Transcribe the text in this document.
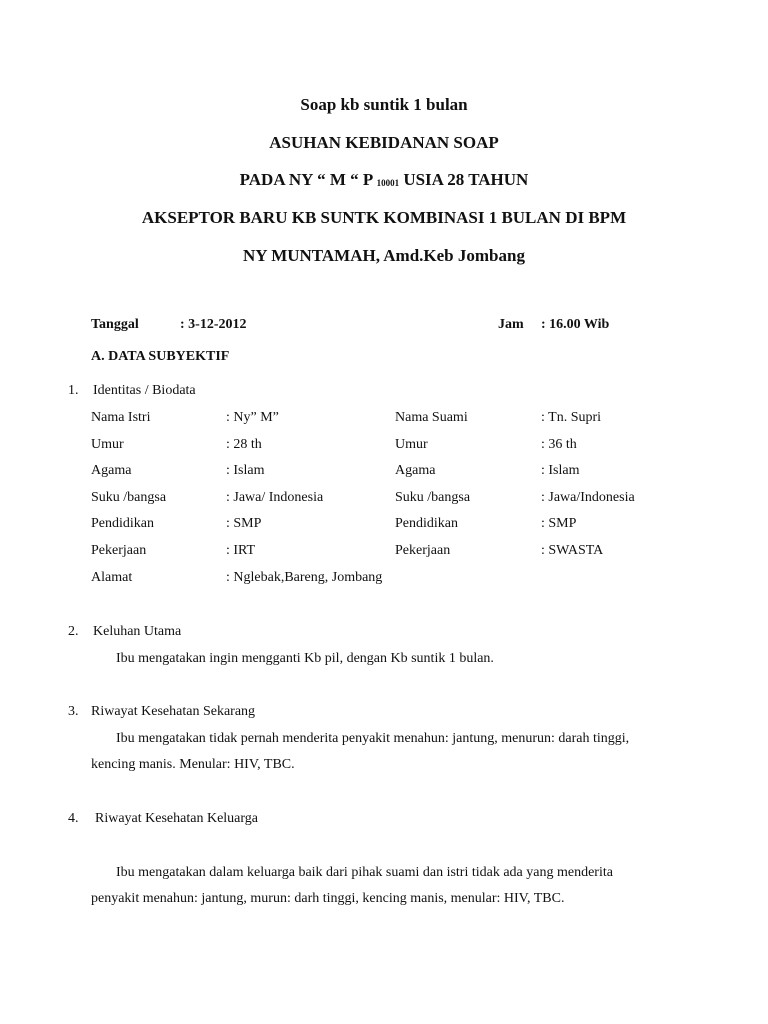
Soap kb suntik 1 bulan
ASUHAN KEBIDANAN SOAP
PADA NY “ M “ P $_{10001}$ USIA 28 TAHUN
AKSEPTOR BARU KB SUNTK KOMBINASI 1 BULAN DI BPM
NY MUNTAMAH, Amd.Keb Jombang
Tanggal	: 3-12-2012	Jam : 16.00 Wib
A. DATA SUBYEKTIF
1. Identitas / Biodata
Nama Istri	: Ny” M”	Nama Suami	: Tn. Supri
Umur	: 28 th	Umur	: 36 th
Agama	: Islam	Agama	: Islam
Suku /bangsa	: Jawa/ Indonesia	Suku /bangsa	: Jawa/Indonesia
Pendidikan	: SMP	Pendidikan	: SMP
Pekerjaan	: IRT	Pekerjaan	: SWASTA
Alamat	: Nglebak,Bareng, Jombang
2. Keluhan Utama
Ibu mengatakan ingin mengganti Kb pil, dengan Kb suntik 1 bulan.
3. Riwayat Kesehatan Sekarang
Ibu mengatakan tidak pernah menderita penyakit menahun: jantung, menurun: darah tinggi,
kencing manis. Menular: HIV, TBC.
4. Riwayat Kesehatan Keluarga
Ibu mengatakan dalam keluarga baik dari pihak suami dan istri tidak ada yang menderita
penyakit menahun: jantung, murun: darh tinggi, kencing manis, menular: HIV, TBC.
